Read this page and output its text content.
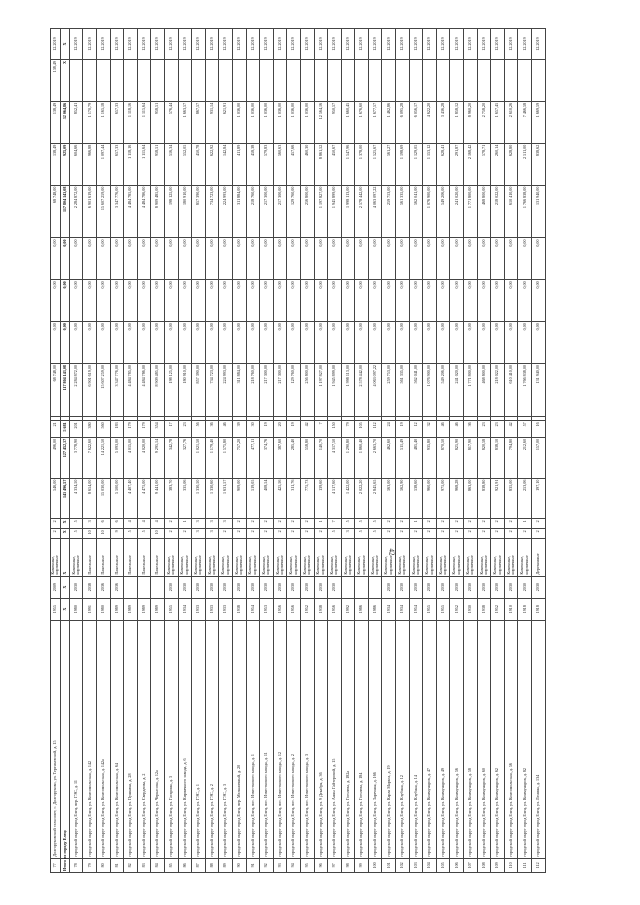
77	Долгоруковский сельсовет, с. Долгоруково, ул. Тереньевской, д. 15	1955	2009	Каменные, кирпичные	2	2	546,00	496,00	21		68 748,00	0,00	0,00	0,00	68 748,00	138,49	138,49	138,49	12.2019
Итого по городу Елец:		X	X	X	X	X	143 496,57	127 452,37	5 681		117 804 143,08	0,00	0,00	0,00	117 804 143,08	925,09	32 064,86	X	X
78	городской округ город Елец, пер. ГЭС, д. 11	1980	2030	Каменные, кирпичные	5	5	4 334,50	3 778,90	201		2 284 872,00	0,00	0,00	0,00	2 284 872,00	604,66	852,41		12.2019
79	городской округ город Елец, ул. Комсомольская, д. 142	1991	2038	Панельные	10	3	8 654,00	7 622,60	380		6 901 619,00	0,00	0,00	0,00	6 901 619,00	966,88	1 170,79		12.2019
80	городской округ город Елец, ул. Комсомольская, д. 142а	1980	2036	Панельные	10	6	15 030,00	14 221,50	560		15 607 259,00	0,00	0,00	0,00	15 607 259,00	1 097,44	1 165,18		12.2019
81	городской округ город Елец, ул. Комсомольская, д. 64	1989	2036	Панельные	9	6	5 500,00	5 093,00	183		3 347 776,00	0,00	0,00	0,00	3 347 776,00	657,33	657,33		12.2019
82	городской округ город Елец, ул. Пушкина, д. 28	1989		Панельные	5	4	4 407,40	4 015,00	179		4 484 785,00	0,00	0,00	0,00	4 484 785,00	1 118,16	1 118,16		12.2019
83	городской округ город Елец, ул. Свердлова, д. 2	1989		Панельные	5	4	4 475,00	4 020,00	179		4 484 786,00	0,00	0,00	0,00	4 484 786,00	1 115,64	1 115,64		12.2019
84	городской округ город Елец, ул. Черкасова, д. 12а	1989		Панельные	10	4	9 441,00	9 295,14	354		8 909 485,00	0,00	0,00	0,00	8 909 485,00	958,51	958,51		12.2019
85	городской округ город Елец, ул. Гагарина, д. 3	1955	2030	Каменные, кирпичные	2	2	383,70	342,78	17		198 125,00	0,00	0,00	0,00	198 125,00	516,34	576,44		12.2019
86	городской округ город Елец, ул. Кирпичного завода, д. 6	1934	2030	Каменные, кирпичные	2	1	335,06	327,76	23		180 910,00	0,00	0,00	0,00	180 910,00	552,05	1 663,57		12.2019
87	городской округ город Елец, ул. ГЭС, д. 1	1933	2030	Каменные, кирпичные	3	3	1 330,50	1 021,50	56		857 390,00	0,00	0,00	0,00	857 390,00	450,78	867,57		12.2019
88	городской округ город Елец, ул. ГЭС, д. 2	1933	2030	Каменные, кирпичные	3	3	1 330,60	1 179,40	36		734 723,00	0,00	0,00	0,00	734 723,00	622,92	931,14		12.2019
89	городской округ город Елец, ул. ГЭС, д. 3	1933	2030	Каменные, кирпичные	2	3	1 631,57	1 575,80	46		224 993,00	0,00	0,00	0,00	224 993,00	142,84	621,91		12.2019
90	городской округ город Елец, пер. Мельничный, д. 20	1938	2030	Каменные, кирпичные	2	2	909,00	757,20	39		311 884,00	0,00	0,00	0,00	311 884,00	411,89	1 036,00		12.2019
91	городской округ город Елец, пос. Известкового завода, д. 1	1954	2030	Каменные, кирпичные	2	2	519,05	477,11	30		218 760,00	0,00	0,00	0,00	218 760,00	458,38	1 036,00		12.2019
92	городской округ город Елец, пос. Известкового завода, д. 11	1953	2030	Каменные, кирпичные	2	2	408,54	374,76	19		217 300,00	0,00	0,00	0,00	217 300,00	579,83	1 036,00		12.2019
93	городской округ город Елец, пос. Известкового завода, д. 12	1956	2030	Каменные, кирпичные	2	2	425,56	387,60	20		217 300,00	0,00	0,00	0,00	217 300,00	560,63	1 036,00		12.2019
94	городской округ город Елец, пос. Известкового завода, д. 2	1956	2030	Каменные, кирпичные	2	2	311,76	285,40	19		129 760,00	0,00	0,00	0,00	129 760,00	457,66	1 036,00		12.2019
95	городской округ город Елец, пос. Известкового завода, д. 3	1952	2030	Каменные, кирпичные	2	2	775,73	558,80	42		256 800,00	0,00	0,00	0,00	256 800,00	460,30	1 036,00		12.2019
96	городской округ город Елец, ул. 9 Декабря, д. 36	1938	2030	Каменные, кирпичные	2	1	139,60	140,70	7		1 197 827,00	0,00	0,00	0,00	1 197 827,00	8 861,52	12 564,16		12.2019
97	городской округ город Елец, ул. Анны Гайтеровой, д. 15	1956	2030	Каменные, кирпичные	5	7	4 517,60	4 317,50	150		1 945 899,00	0,00	0,00	0,00	1 945 899,00	450,67	950,57		12.2019
98	городской округ город Елец, ул. Гоголева, д. 182а	1992		Каменные, кирпичные	3	5	1 422,00	1 290,80	79		1 998 113,00	0,00	0,00	0,00	1 998 113,00	1 547,96	1 660,45		12.2019
99	городской округ город Елец, ул. Гоголева, д. 184	1986		Каменные, кирпичные	5	5	2 022,20	1 860,40	105		2 578 442,00	0,00	0,00	0,00	2 578 442,00	1 378,00	1 676,60		12.2019
100	городской округ город Елец, ул. Заречная, д. 166	1986		Каменные, кирпичные	5	5	2 845,65	2 663,70	112		4 063 097,22	0,00	0,00	0,00	4 063 097,22	1 525,67	1 677,57		12.2019
101	городской округ город Елец, ул. Карла Маркса, д. 19	1934	2030	Каменные, кирпичные	2	2	563,00	462,60	24		259 753,00	0,00	0,00	0,00	259 753,00	561,27	1 462,86		12.2019
102	городской округ город Елец, ул. Клубная, д. 12	1934	2030	Каменные, кирпичные	2	2	562,90	511,49	19		561 335,00	0,00	0,00	0,00	561 335,00	1 198,69	6 095,28		12.2019
103	городской округ город Елец, ул. Клубная, д. 14	1954	2030	Каменные, кирпичные	2	1	538,60	485,40	12		562 041,00	0,00	0,00	0,00	562 041,00	1 129,05	6 056,17		12.2019
104	городской округ город Елец, ул. Коммунаров, д. 47	1955	2030	Каменные, кирпичные	2	2	960,00	935,80	32		1 076 900,00	0,00	0,00	0,00	1 076 900,00	1 153,12	4 622,20		12.2019
105	городской округ город Елец, ул. Коммунаров, д. 49	1955	2030	Каменные, кирпичные	2	2	975,00	870,50	46		549 206,00	0,00	0,00	0,00	549 206,00	628,41	3 436,28		12.2019
106	городской округ город Елец, ул. Коммунаров, д. 56	1952	2030	Каменные, кирпичные	2	2	968,28	825,90	46		241 020,00	0,00	0,00	0,00	241 020,00	291,87	1 858,12		12.2019
107	городской округ город Елец, ул. Коммунаров, д. 58	1930	2030	Каменные, кирпичные	2	2	863,00	817,90	36		1 771 800,00	0,00	0,00	0,00	1 771 800,00	2 168,42	8 960,20		12.2019
108	городской округ город Елец, ул. Коммунаров, д. 60	1938	2030	Каменные, кирпичные	2	2	838,80	820,58	23		468 800,00	0,00	0,00	0,00	468 800,00	578,71	2 758,20		12.2019
109	городской округ город Елец, ул. Коммунаров, д. 62	1952	2030	Каменные, кирпичные	2	2	921,91	838,10	23		218 022,00	0,00	0,00	0,00	218 022,00	260,14	1 657,45		12.2019
110	городской округ город Елец, ул. Комсомольская, д. 56	1910	2030	Каменные, кирпичные	2	2	835,00	794,80	42		610 410,00	0,00	0,00	0,00	610 410,00	628,80	2 610,26		12.2019
111	городской округ город Елец, ул. Коммунаров, д. 82	1918	2030	Каменные, кирпичные	2	1	253,06	212,60	57		1 766 838,00	0,00	0,00	0,00	1 766 838,00	2 511,00	7 466,58		12.2019
112	городской округ город Елец, ул. Ленина, д. 134	1918	2030	Деревянные	2	2	197,10	157,00	16		131 940,00	0,00	0,00	0,00	131 940,00	838,62	1 669,59		12.2019
42
